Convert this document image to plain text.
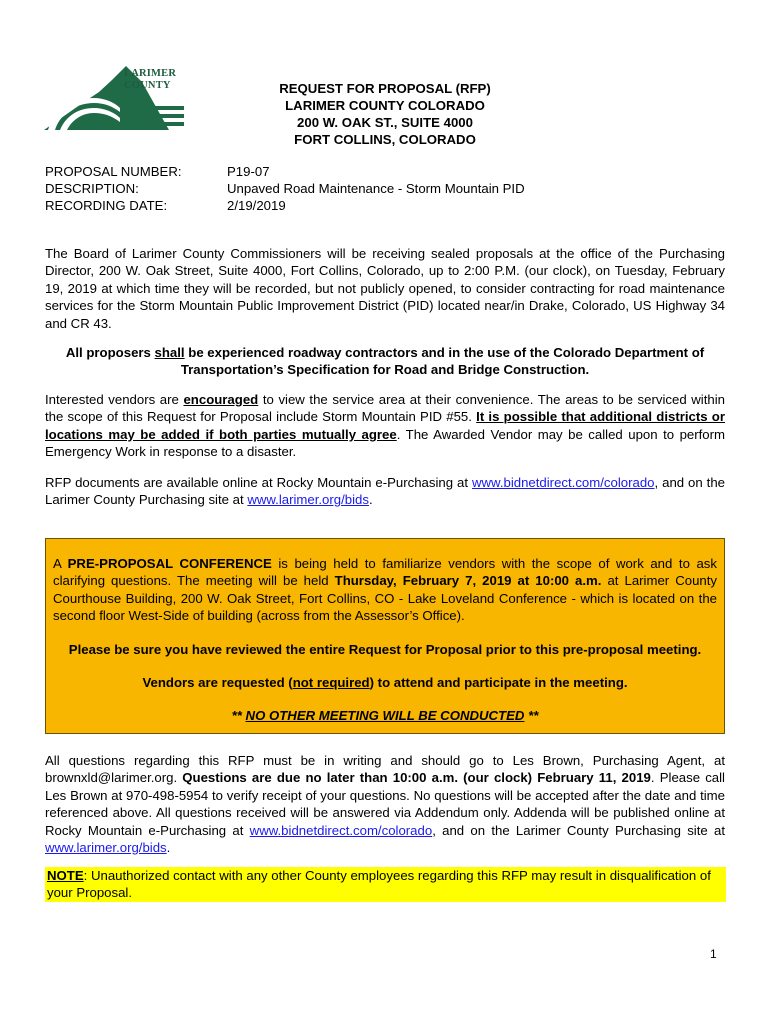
LARIMER
COUNTY	REQUEST FOR PROPOSAL (RFP)
LARIMER COUNTY COLORADO
200 W. OAK ST., SUITE 4000
FORT COLLINS, COLORADO
PROPOSAL NUMBER:	P19-07
DESCRIPTION:	Unpaved Road Maintenance - Storm Mountain PID
RECORDING DATE:	2/19/2019
The Board of Larimer County Commissioners will be receiving sealed proposals at the office of the Purchasing Director, 200 W. Oak Street, Suite 4000, Fort Collins, Colorado, up to 2:00 P.M. (our clock), on Tuesday, February 19, 2019 at which time they will be recorded, but not publicly opened, to consider contracting for road maintenance services for the Storm Mountain Public Improvement District (PID) located near/in Drake, Colorado, US Highway 34 and CR 43.
All proposers shall be experienced roadway contractors and in the use of the Colorado Department of Transportation’s Specification for Road and Bridge Construction.
Interested vendors are encouraged to view the service area at their convenience. The areas to be serviced within the scope of this Request for Proposal include Storm Mountain PID #55. It is possible that additional districts or locations may be added if both parties mutually agree. The Awarded Vendor may be called upon to perform Emergency Work in response to a disaster.
RFP documents are available online at Rocky Mountain e-Purchasing at www.bidnetdirect.com/colorado, and on the Larimer County Purchasing site at www.larimer.org/bids.

A PRE-PROPOSAL CONFERENCE is being held to familiarize vendors with the scope of work and to ask clarifying questions. The meeting will be held Thursday, February 7, 2019 at 10:00 a.m. at Larimer County Courthouse Building, 200 W. Oak Street, Fort Collins, CO - Lake Loveland Conference - which is located on the second floor West-Side of building (across from the Assessor’s Office).

Please be sure you have reviewed the entire Request for Proposal prior to this pre-proposal meeting.

Vendors are requested (not required) to attend and participate in the meeting.

** NO OTHER MEETING WILL BE CONDUCTED **

All questions regarding this RFP must be in writing and should go to Les Brown, Purchasing Agent, at brownxld@larimer.org. Questions are due no later than 10:00 a.m. (our clock) February 11, 2019. Please call Les Brown at 970-498-5954 to verify receipt of your questions. No questions will be accepted after the date and time referenced above. All questions received will be answered via Addendum only. Addenda will be published online at Rocky Mountain e-Purchasing at www.bidnetdirect.com/colorado, and on the Larimer County Purchasing site at www.larimer.org/bids.
NOTE: Unauthorized contact with any other County employees regarding this RFP may result in disqualification of your Proposal.
1
